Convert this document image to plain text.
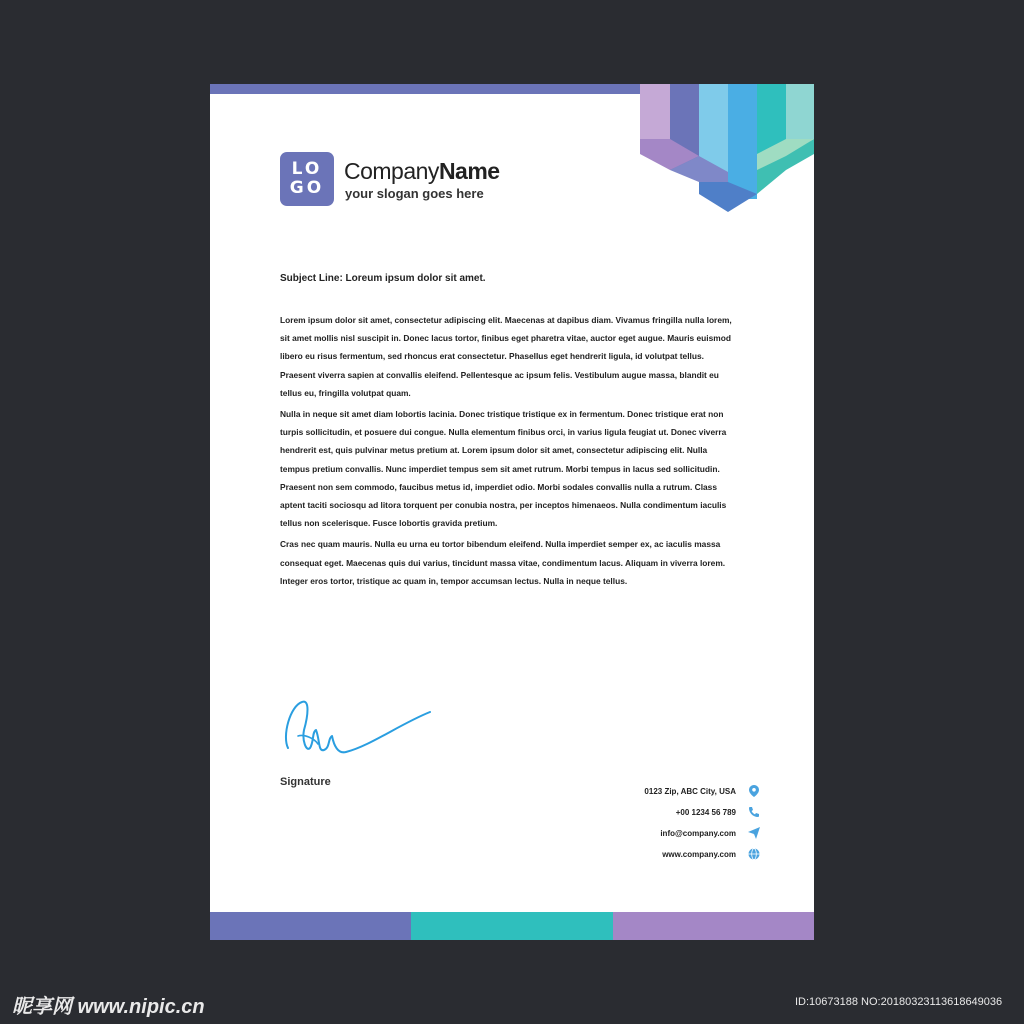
LO
GO
CompanyName
your slogan goes here
Subject Line: Loreum ipsum dolor sit amet.

Lorem ipsum dolor sit amet, consectetur adipiscing elit. Maecenas at dapibus diam. Vivamus fringilla nulla lorem, sit amet mollis nisl suscipit in. Donec lacus tortor, finibus eget pharetra vitae, auctor eget augue. Mauris euismod libero eu risus fermentum, sed rhoncus erat consectetur. Phasellus eget hendrerit ligula, id volutpat tellus. Praesent viverra sapien at convallis eleifend. Pellentesque ac ipsum felis. Vestibulum augue massa, blandit eu tellus eu, fringilla volutpat quam.

Nulla in neque sit amet diam lobortis lacinia. Donec tristique tristique ex in fermentum. Donec tristique erat non turpis sollicitudin, et posuere dui congue. Nulla elementum finibus orci, in varius ligula feugiat ut. Donec viverra hendrerit est, quis pulvinar metus pretium at. Lorem ipsum dolor sit amet, consectetur adipiscing elit. Nulla tempus pretium convallis. Nunc imperdiet tempus sem sit amet rutrum. Morbi tempus in lacus sed sollicitudin. Praesent non sem commodo, faucibus metus id, imperdiet odio. Morbi sodales convallis nulla a rutrum. Class aptent taciti sociosqu ad litora torquent per conubia nostra, per inceptos himenaeos. Nulla condimentum iaculis tellus non scelerisque. Fusce lobortis gravida pretium.

Cras nec quam mauris. Nulla eu urna eu tortor bibendum eleifend. Nulla imperdiet semper ex, ac iaculis massa consequat eget. Maecenas quis dui varius, tincidunt massa vitae, condimentum lacus. Aliquam in viverra lorem. Integer eros tortor, tristique ac quam in, tempor accumsan lectus. Nulla in neque tellus.

Signature
0123 Zip, ABC City, USA
+00 1234 56 789
info@company.com
www.company.com
昵享网 www.nipic.cn	ID:10673188 NO:20180323113618649036
